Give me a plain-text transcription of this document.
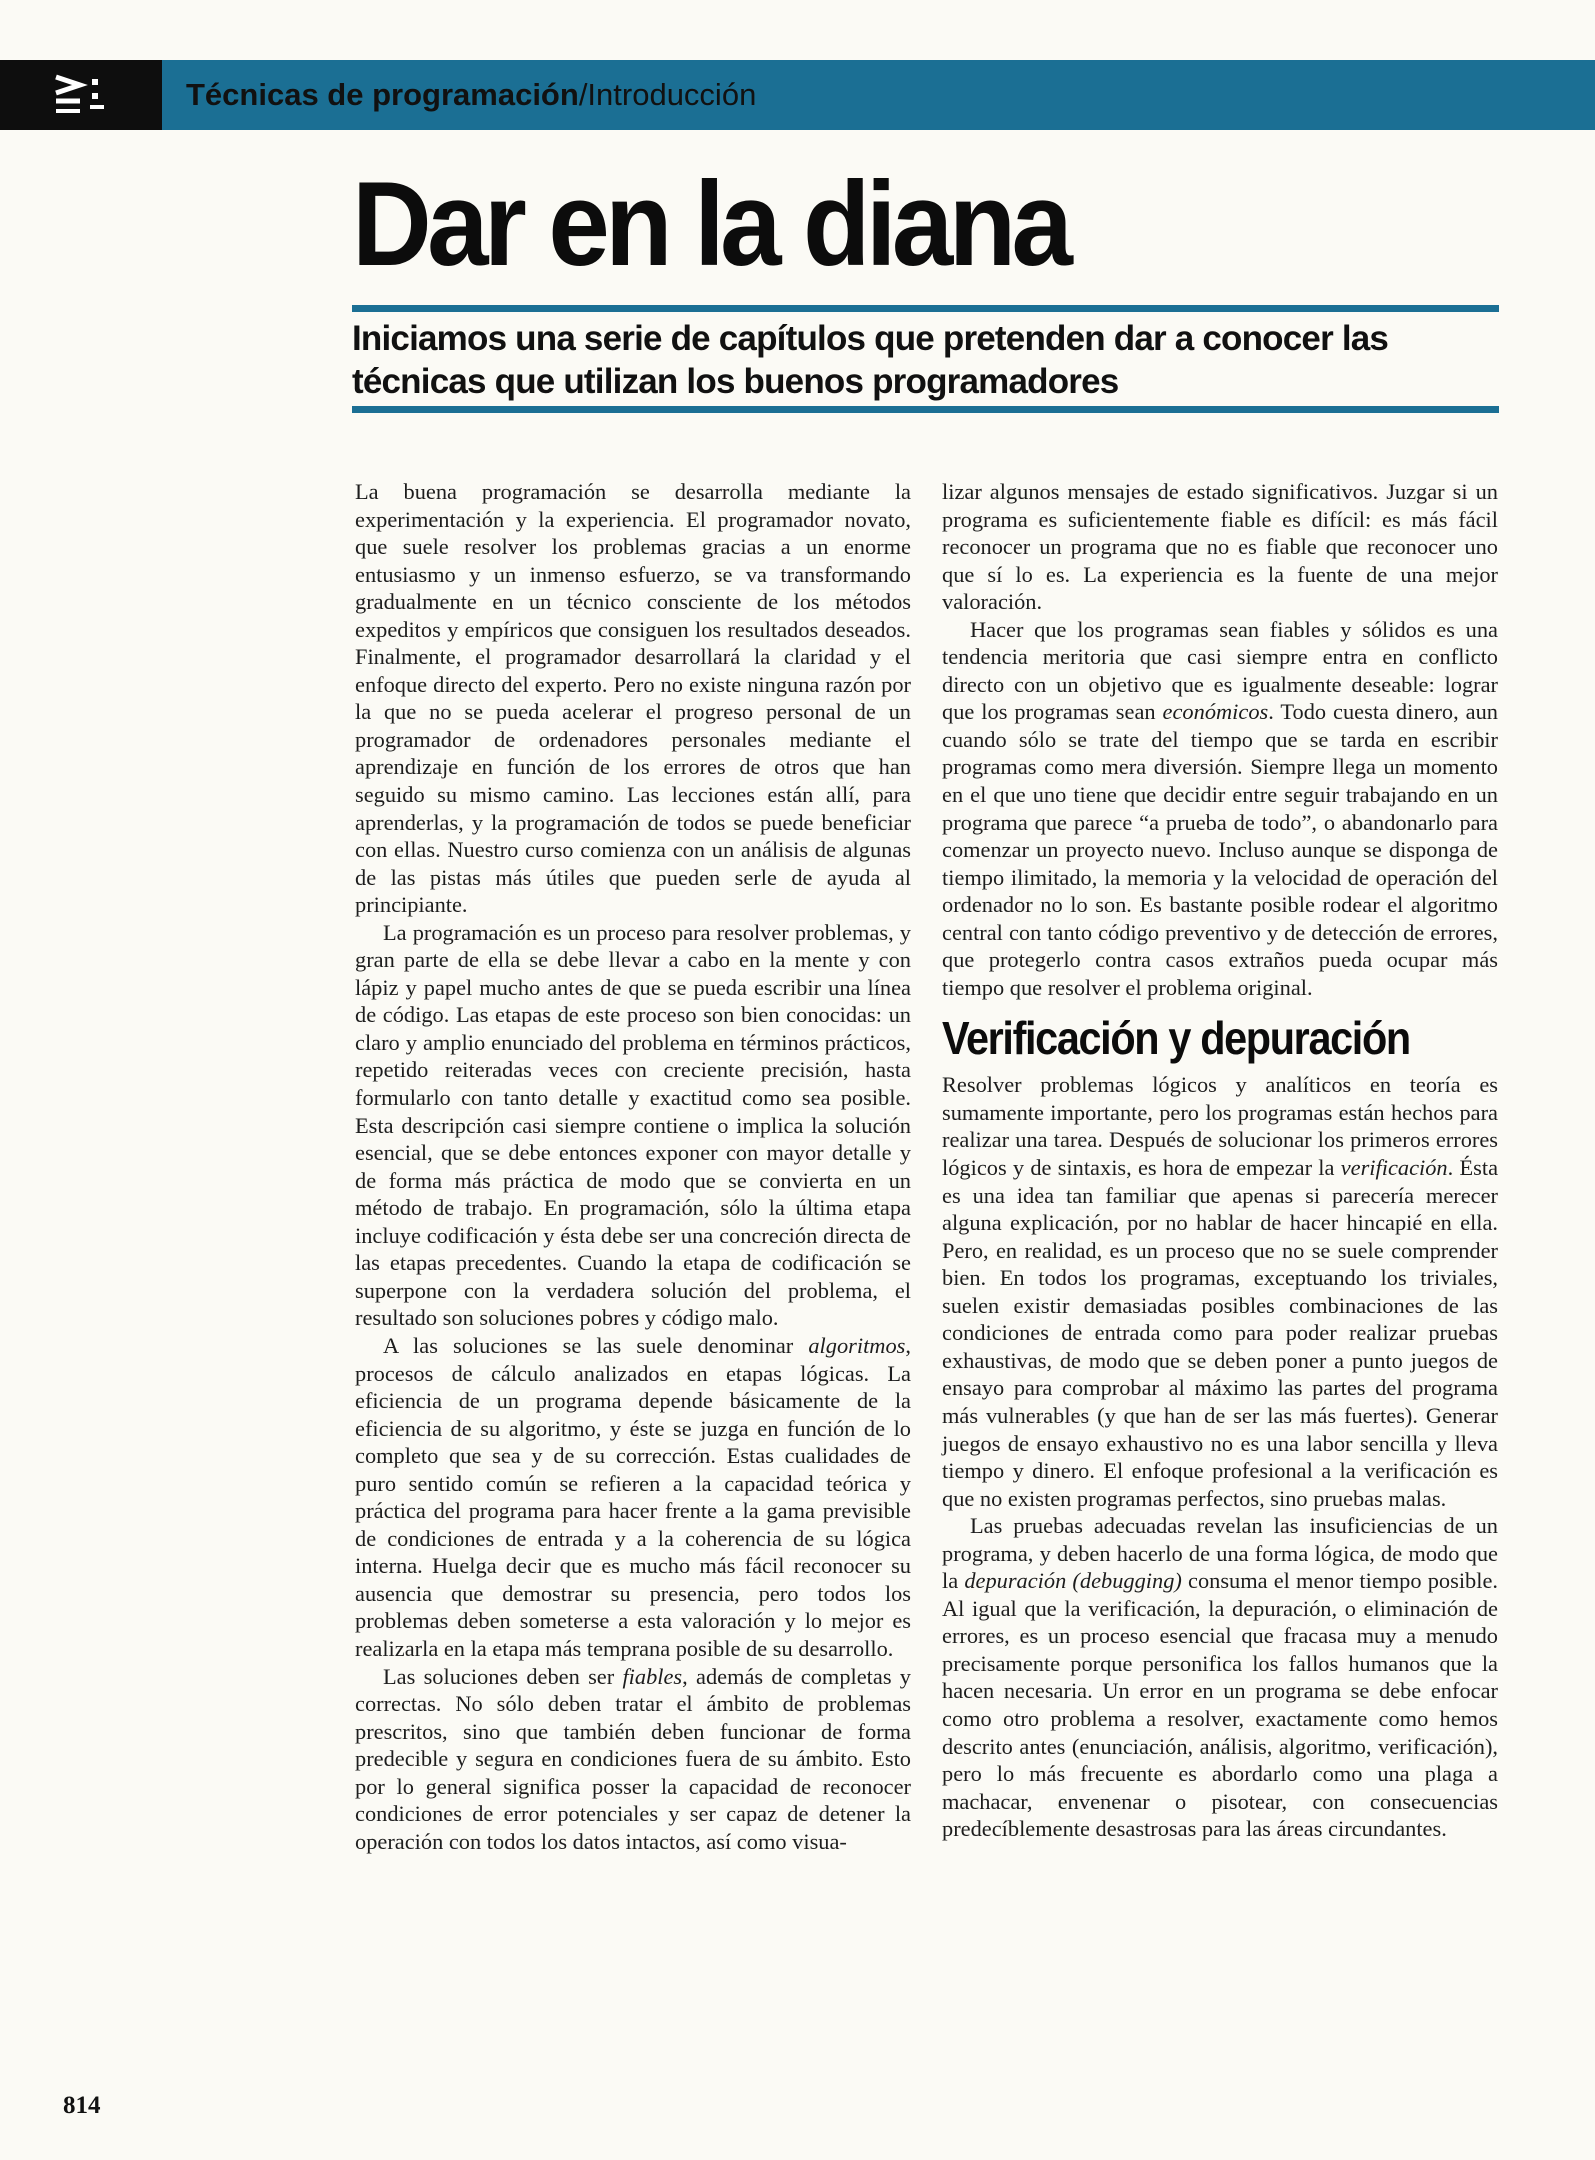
Técnicas de programación/Introducción
Dar en la diana

Iniciamos una serie de capítulos que pretenden dar a conocer las técnicas que utilizan los buenos programadores

La buena programación se desarrolla mediante la experimentación y la experiencia. El programador novato, que suele resolver los problemas gracias a un enorme entusiasmo y un inmenso esfuerzo, se va transformando gradualmente en un técnico consciente de los métodos expeditos y empíricos que consiguen los resultados deseados. Finalmente, el programador desarrollará la claridad y el enfoque directo del experto. Pero no existe ninguna razón por la que no se pueda acelerar el progreso personal de un programador de ordenadores personales mediante el aprendizaje en función de los errores de otros que han seguido su mismo camino. Las lecciones están allí, para aprenderlas, y la programación de todos se puede beneficiar con ellas. Nuestro curso comienza con un análisis de algunas de las pistas más útiles que pueden serle de ayuda al principiante.

La programación es un proceso para resolver problemas, y gran parte de ella se debe llevar a cabo en la mente y con lápiz y papel mucho antes de que se pueda escribir una línea de código. Las etapas de este proceso son bien conocidas: un claro y amplio enunciado del problema en términos prácticos, repetido reiteradas veces con creciente precisión, hasta formularlo con tanto detalle y exactitud como sea posible. Esta descripción casi siempre contiene o implica la solución esencial, que se debe entonces exponer con mayor detalle y de forma más práctica de modo que se convierta en un método de trabajo. En programación, sólo la última etapa incluye codificación y ésta debe ser una concreción directa de las etapas precedentes. Cuando la etapa de codificación se superpone con la verdadera solución del problema, el resultado son soluciones pobres y código malo.

A las soluciones se las suele denominar algoritmos, procesos de cálculo analizados en etapas lógicas. La eficiencia de un programa depende básicamente de la eficiencia de su algoritmo, y éste se juzga en función de lo completo que sea y de su corrección. Estas cualidades de puro sentido común se refieren a la capacidad teórica y práctica del programa para hacer frente a la gama previsible de condiciones de entrada y a la coherencia de su lógica interna. Huelga decir que es mucho más fácil reconocer su ausencia que demostrar su presencia, pero todos los problemas deben someterse a esta valoración y lo mejor es realizarla en la etapa más temprana posible de su desarrollo.

Las soluciones deben ser fiables, además de completas y correctas. No sólo deben tratar el ámbito de problemas prescritos, sino que también deben funcionar de forma predecible y segura en condiciones fuera de su ámbito. Esto por lo general significa posser la capacidad de reconocer condiciones de error potenciales y ser capaz de detener la operación con todos los datos intactos, así como visua-

lizar algunos mensajes de estado significativos. Juzgar si un programa es suficientemente fiable es difícil: es más fácil reconocer un programa que no es fiable que reconocer uno que sí lo es. La experiencia es la fuente de una mejor valoración.

Hacer que los programas sean fiables y sólidos es una tendencia meritoria que casi siempre entra en conflicto directo con un objetivo que es igualmente deseable: lograr que los programas sean económicos. Todo cuesta dinero, aun cuando sólo se trate del tiempo que se tarda en escribir programas como mera diversión. Siempre llega un momento en el que uno tiene que decidir entre seguir trabajando en un programa que parece “a prueba de todo”, o abandonarlo para comenzar un proyecto nuevo. Incluso aunque se disponga de tiempo ilimitado, la memoria y la velocidad de operación del ordenador no lo son. Es bastante posible rodear el algoritmo central con tanto código preventivo y de detección de errores, que protegerlo contra casos extraños pueda ocupar más tiempo que resolver el problema original.

Verificación y depuración

Resolver problemas lógicos y analíticos en teoría es sumamente importante, pero los programas están hechos para realizar una tarea. Después de solucionar los primeros errores lógicos y de sintaxis, es hora de empezar la verificación. Ésta es una idea tan familiar que apenas si parecería merecer alguna explicación, por no hablar de hacer hincapié en ella. Pero, en realidad, es un proceso que no se suele comprender bien. En todos los programas, exceptuando los triviales, suelen existir demasiadas posibles combinaciones de las condiciones de entrada como para poder realizar pruebas exhaustivas, de modo que se deben poner a punto juegos de ensayo para comprobar al máximo las partes del programa más vulnerables (y que han de ser las más fuertes). Generar juegos de ensayo exhaustivo no es una labor sencilla y lleva tiempo y dinero. El enfoque profesional a la verificación es que no existen programas perfectos, sino pruebas malas.

Las pruebas adecuadas revelan las insuficiencias de un programa, y deben hacerlo de una forma lógica, de modo que la depuración (debugging) consuma el menor tiempo posible. Al igual que la verificación, la depuración, o eliminación de errores, es un proceso esencial que fracasa muy a menudo precisamente porque personifica los fallos humanos que la hacen necesaria. Un error en un programa se debe enfocar como otro problema a resolver, exactamente como hemos descrito antes (enunciación, análisis, algoritmo, verificación), pero lo más frecuente es abordarlo como una plaga a machacar, envenenar o pisotear, con consecuencias predecíblemente desastrosas para las áreas circundantes.

814
